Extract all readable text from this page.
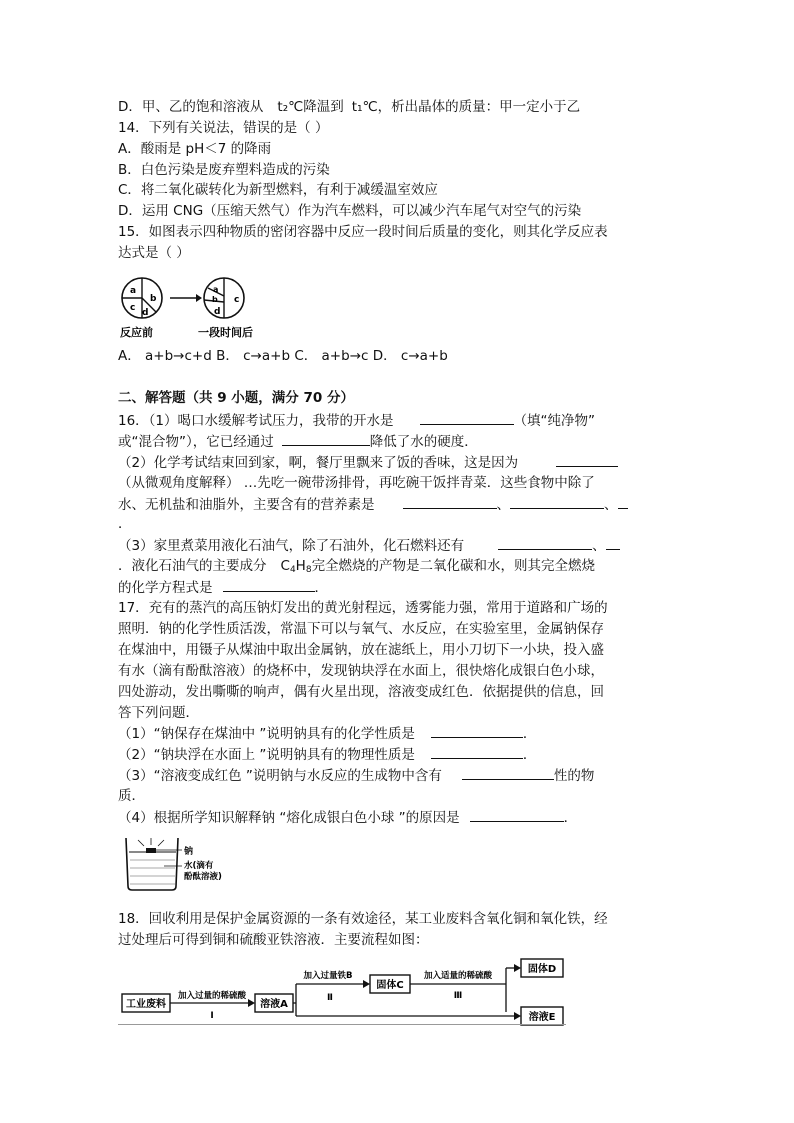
D．甲、乙的饱和溶液从 t₂℃降温到 t₁℃，析出晶体的质量：甲一定小于乙
14．下列有关说法，错误的是（ ）
A．酸雨是 pH＜7 的降雨
B．白色污染是废弃塑料造成的污染
C．将二氧化碳转化为新型燃料，有利于减缓温室效应
D．运用 CNG（压缩天然气）作为汽车燃料，可以减少汽车尾气对空气的污染
15．如图表示四种物质的密闭容器中反应一段时间后质量的变化，则其化学反应表
达式是（ ）
a
b
c d
a
b c
d
反应前	一段时间后
A． a+b→c+d B． c→a+b C． a+b→c D． c→a+b
二、解答题（共 9 小题，满分 70 分）
16．（1）喝口水缓解考试压力，我带的开水是	（填“纯净物”
或“混合物”），它已经通过	降低了水的硬度．
（2）化学考试结束回到家，啊，餐厅里飘来了饭的香味，这是因为
（从微观角度解释） …先吃一碗带汤排骨，再吃碗干饭拌青菜．这些食物中除了
水、无机盐和油脂外，主要含有的营养素是	、	、
．
（3）家里煮菜用液化石油气，除了石油外，化石燃料还有	、
．液化石油气的主要成分 $C_4H_8$完全燃烧的产物是二氧化碳和水，则其完全燃烧
的化学方程式是	．
17．充有的蒸汽的高压钠灯发出的黄光射程远，透雾能力强，常用于道路和广场的
照明．钠的化学性质活泼，常温下可以与氧气、水反应，在实验室里，金属钠保存
在煤油中，用镊子从煤油中取出金属钠，放在滤纸上，用小刀切下一小块，投入盛
有水（滴有酚酞溶液）的烧杯中，发现钠块浮在水面上，很快熔化成银白色小球，
四处游动，发出嘶嘶的响声，偶有火星出现，溶液变成红色．依据提供的信息，回
答下列问题．
（1）“钠保存在煤油中 ”说明钠具有的化学性质是	．
（2）“钠块浮在水面上 ”说明钠具有的物理性质是	．
（3）“溶液变成红色 ”说明钠与水反应的生成物中含有	性的物
质．
（4）根据所学知识解释钠 “熔化成银白色小球 ”的原因是	．
钠
水(滴有
酚酞溶液)
18．回收利用是保护金属资源的一条有效途径，某工业废料含氧化铜和氧化铁，经
过处理后可得到铜和硫酸亚铁溶液．主要流程如图：
工业废料
加入过量的稀硫酸
Ⅰ
溶液A
加入过量铁B
Ⅱ
固体C
加入适量的稀硫酸
Ⅲ
固体D
溶液E
